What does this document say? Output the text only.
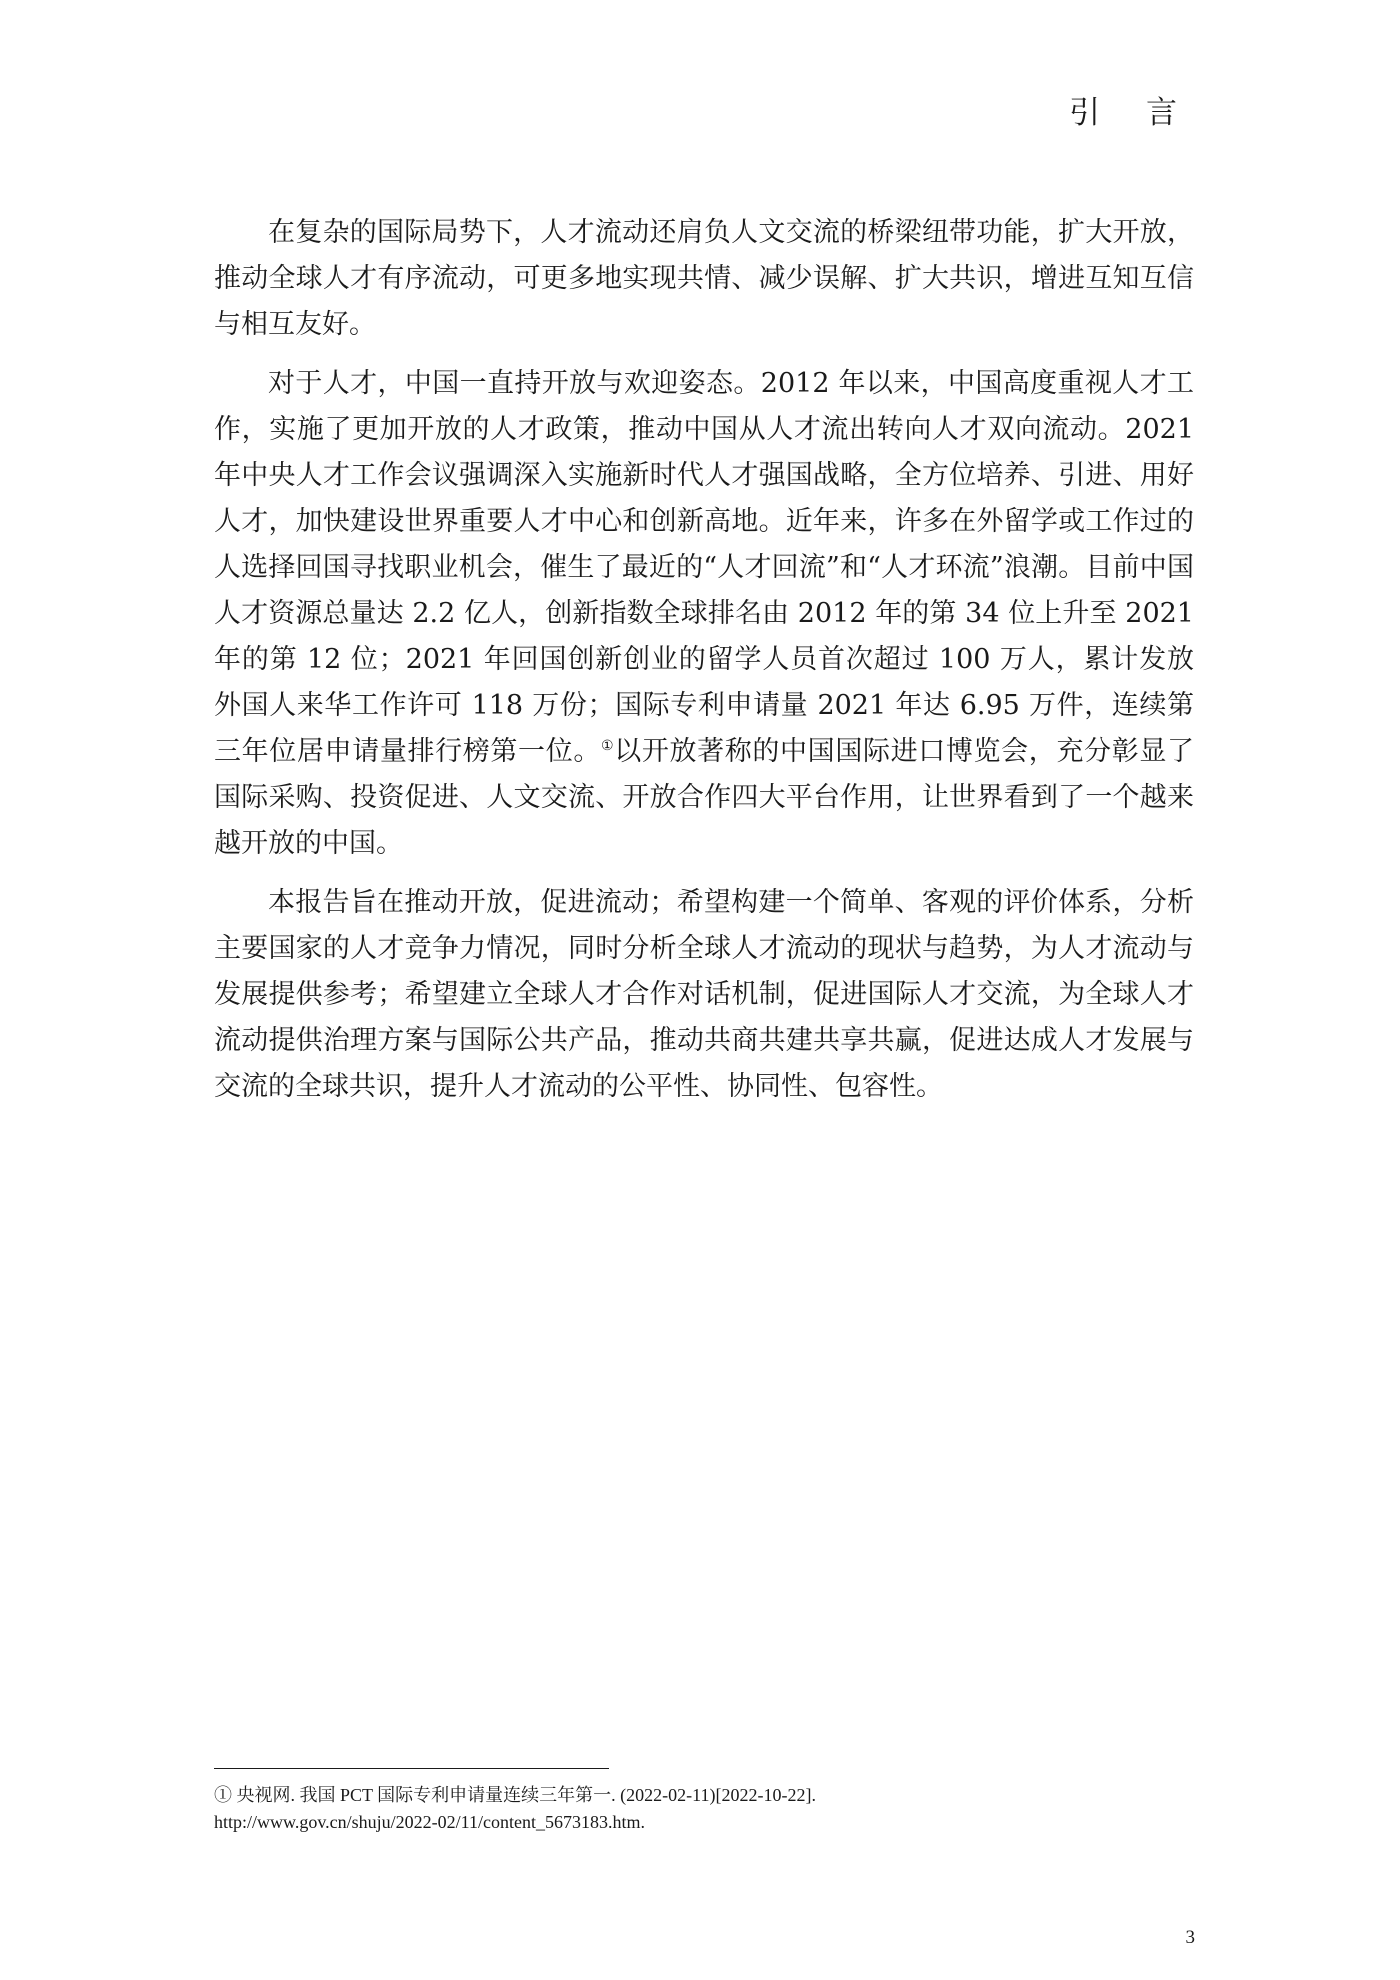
引 言

在复杂的国际局势下，人才流动还肩负人文交流的桥梁纽带功能，扩大开放，推动全球人才有序流动，可更多地实现共情、减少误解、扩大共识，增进互知互信与相互友好。

对于人才，中国一直持开放与欢迎姿态。2012 年以来，中国高度重视人才工作，实施了更加开放的人才政策，推动中国从人才流出转向人才双向流动。2021 年中央人才工作会议强调深入实施新时代人才强国战略，全方位培养、引进、用好人才，加快建设世界重要人才中心和创新高地。近年来，许多在外留学或工作过的人选择回国寻找职业机会，催生了最近的“人才回流”和“人才环流”浪潮。目前中国人才资源总量达 2.2 亿人，创新指数全球排名由 2012 年的第 34 位上升至 2021 年的第 12 位；2021 年回国创新创业的留学人员首次超过 100 万人，累计发放外国人来华工作许可 118 万份；国际专利申请量 2021 年达 6.95 万件，连续第三年位居申请量排行榜第一位。①以开放著称的中国国际进口博览会，充分彰显了国际采购、投资促进、人文交流、开放合作四大平台作用，让世界看到了一个越来越开放的中国。

本报告旨在推动开放，促进流动；希望构建一个简单、客观的评价体系，分析主要国家的人才竞争力情况，同时分析全球人才流动的现状与趋势，为人才流动与发展提供参考；希望建立全球人才合作对话机制，促进国际人才交流，为全球人才流动提供治理方案与国际公共产品，推动共商共建共享共赢，促进达成人才发展与交流的全球共识，提升人才流动的公平性、协同性、包容性。

① 央视网. 我国 PCT 国际专利申请量连续三年第一. (2022-02-11)[2022-10-22].
http://www.gov.cn/shuju/2022-02/11/content_5673183.htm.
3
